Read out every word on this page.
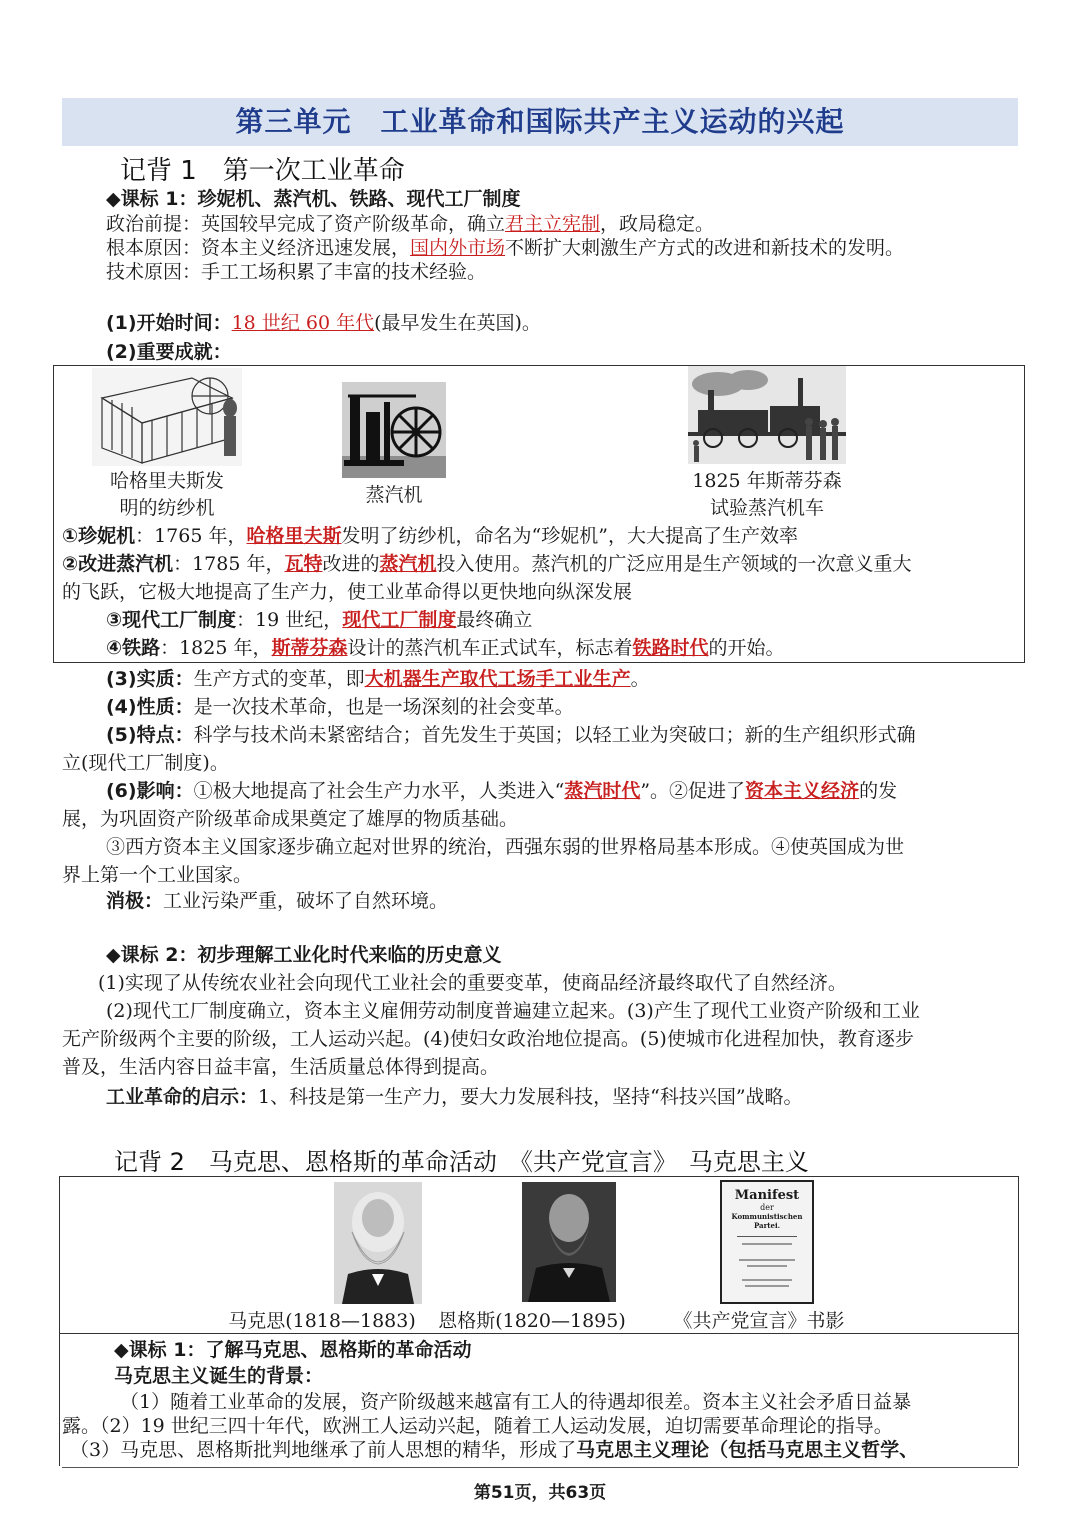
第三单元　工业革命和国际共产主义运动的兴起
记背 1　第一次工业革命
◆课标 1：珍妮机、蒸汽机、铁路、现代工厂制度
政治前提：英国较早完成了资产阶级革命，确立君主立宪制，政局稳定。
根本原因：资本主义经济迅速发展，国内外市场不断扩大刺激生产方式的改进和新技术的发明。
技术原因：手工工场积累了丰富的技术经验。
(1)开始时间：18 世纪 60 年代(最早发生在英国)。
(2)重要成就：
哈格里夫斯发
明的纺纱机
蒸汽机
1825 年斯蒂芬森
试验蒸汽机车
①珍妮机：1765 年，哈格里夫斯发明了纺纱机，命名为“珍妮机”，大大提高了生产效率
②改进蒸汽机：1785 年，瓦特改进的蒸汽机投入使用。蒸汽机的广泛应用是生产领域的一次意义重大
的飞跃，它极大地提高了生产力，使工业革命得以更快地向纵深发展
③现代工厂制度：19 世纪，现代工厂制度最终确立
④铁路：1825 年，斯蒂芬森设计的蒸汽机车正式试车，标志着铁路时代的开始。
(3)实质：生产方式的变革，即大机器生产取代工场手工业生产。
(4)性质：是一次技术革命，也是一场深刻的社会变革。
(5)特点：科学与技术尚未紧密结合；首先发生于英国；以轻工业为突破口；新的生产组织形式确
立(现代工厂制度)。
(6)影响：①极大地提高了社会生产力水平，人类进入“蒸汽时代”。②促进了资本主义经济的发
展，为巩固资产阶级革命成果奠定了雄厚的物质基础。
③西方资本主义国家逐步确立起对世界的统治，西强东弱的世界格局基本形成。④使英国成为世
界上第一个工业国家。
消极：工业污染严重，破坏了自然环境。
◆课标 2：初步理解工业化时代来临的历史意义
(1)实现了从传统农业社会向现代工业社会的重要变革，使商品经济最终取代了自然经济。
(2)现代工厂制度确立，资本主义雇佣劳动制度普遍建立起来。(3)产生了现代工业资产阶级和工业
无产阶级两个主要的阶级，工人运动兴起。(4)使妇女政治地位提高。(5)使城市化进程加快，教育逐步
普及，生活内容日益丰富，生活质量总体得到提高。
工业革命的启示：1、科技是第一生产力，要大力发展科技，坚持“科技兴国”战略。
记背 2　马克思、恩格斯的革命活动　《共产党宣言》　马克思主义
Manifest
der
Kommunistischen Partei.
马克思(1818—1883)	恩格斯(1820—1895)	《共产党宣言》书影
◆课标 1：了解马克思、恩格斯的革命活动
马克思主义诞生的背景：
（1）随着工业革命的发展，资产阶级越来越富有工人的待遇却很差。资本主义社会矛盾日益暴
露。（2）19 世纪三四十年代，欧洲工人运动兴起，随着工人运动发展，迫切需要革命理论的指导。
（3）马克思、恩格斯批判地继承了前人思想的精华，形成了马克思主义理论（包括马克思主义哲学、
第51页，共63页
